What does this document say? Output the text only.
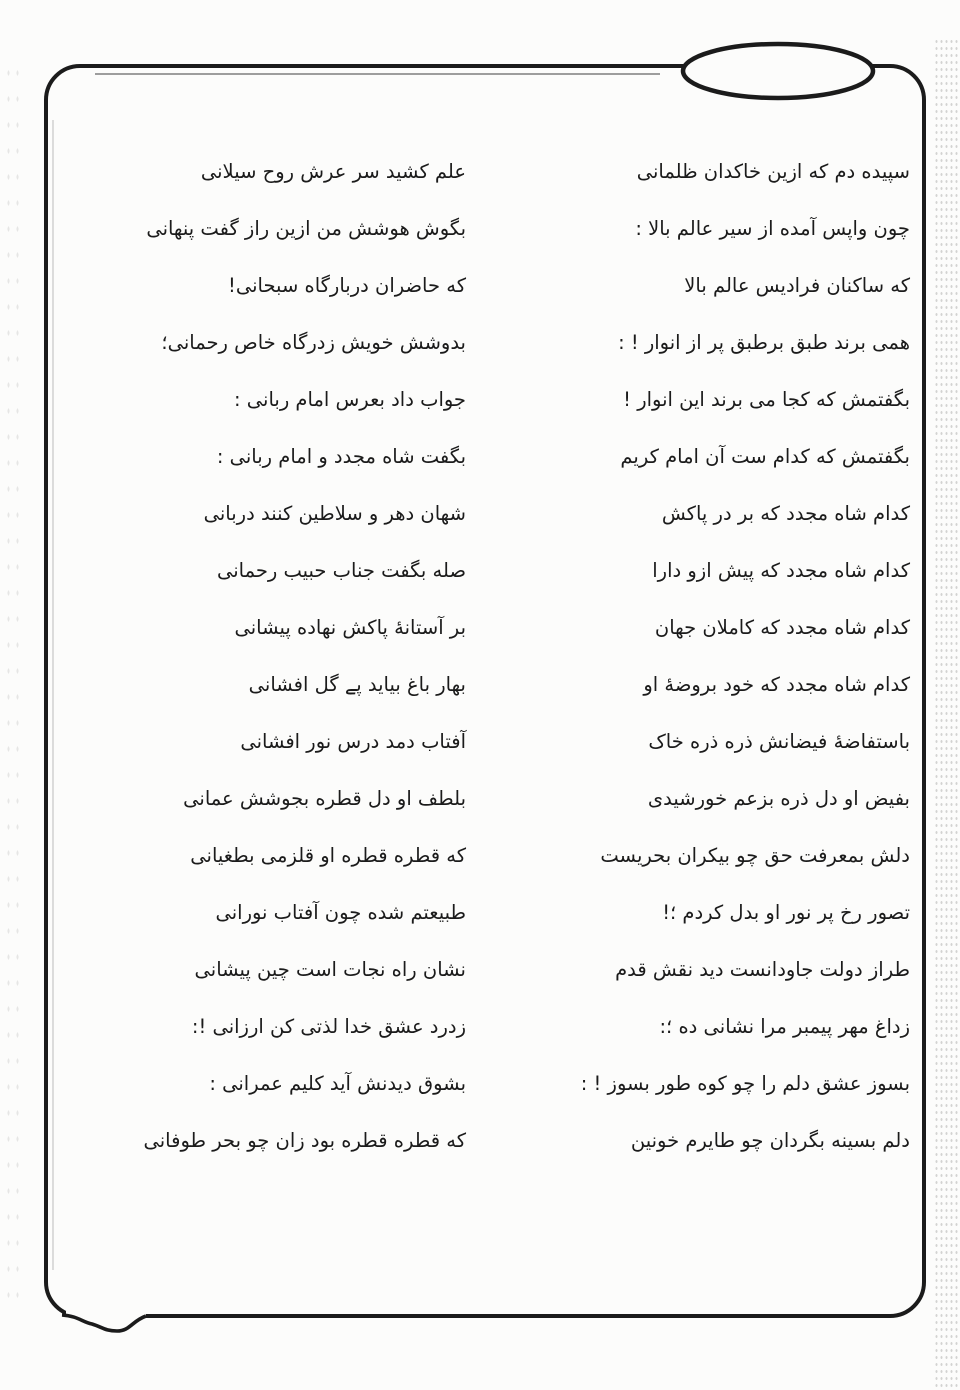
سپیده دم که ازین خاکدان ظلمانی
علم کشید سر عرش روح سیلانی
چون واپس آمده از سیر عالم بالا :
بگوش هوشش من ازین راز گفت پنهانی
که ساکنان فرادیس عالم بالا
که حاضران دربارگاه سبحانی!
همی برند طبق برطبق پر از انوار ! :
بدوشش خویش زدرگاه خاص رحمانی؛
بگفتمش که کجا می برند این انوار !
جواب داد بعرس امام ربانی :
بگفتمش که کدام ست آن امام کریم
بگفت شاه مجدد و امام ربانی :
کدام شاه مجدد که بر در پاکش
شهان دهر و سلاطین کنند دربانی
کدام شاه مجدد که پیش ازو دارا
صله بگفت جناب حبیب رحمانی
کدام شاه مجدد که کاملان جهان
بر آستانهٔ پاکش نهاده پیشانی
کدام شاه مجدد که خود بروضهٔ او
بهار باغ بیاید پے گل افشانی
باستفاضهٔ فیضانش ذره ذره خاک
آفتاب دمد درس نور افشانی
بفیض او دل ذره بزعم خورشیدی
بلطف او دل قطره بجوشش عمانی
دلش بمعرفت حق چو بیکران بحریست
که قطره قطره او قلزمی بطغیانی
تصور رخ پر نور او بدل کردم ؛!
طبیعتم شده چون آفتاب نورانی
طراز دولت جاودانست دید نقش قدم
نشان راه نجات است چین پیشانی
زداغ مهر پیمبر مرا نشانی ده ؛:
زدرد عشق خدا لذتی کن ارزانی !:
بسوز عشق دلم را چو کوه طور بسوز ! :
بشوق دیدنش آید کلیم عمرانی :
دلم بسینه بگردان چو طایرم خونین
که قطره قطره بود زان چو بحر طوفانی
